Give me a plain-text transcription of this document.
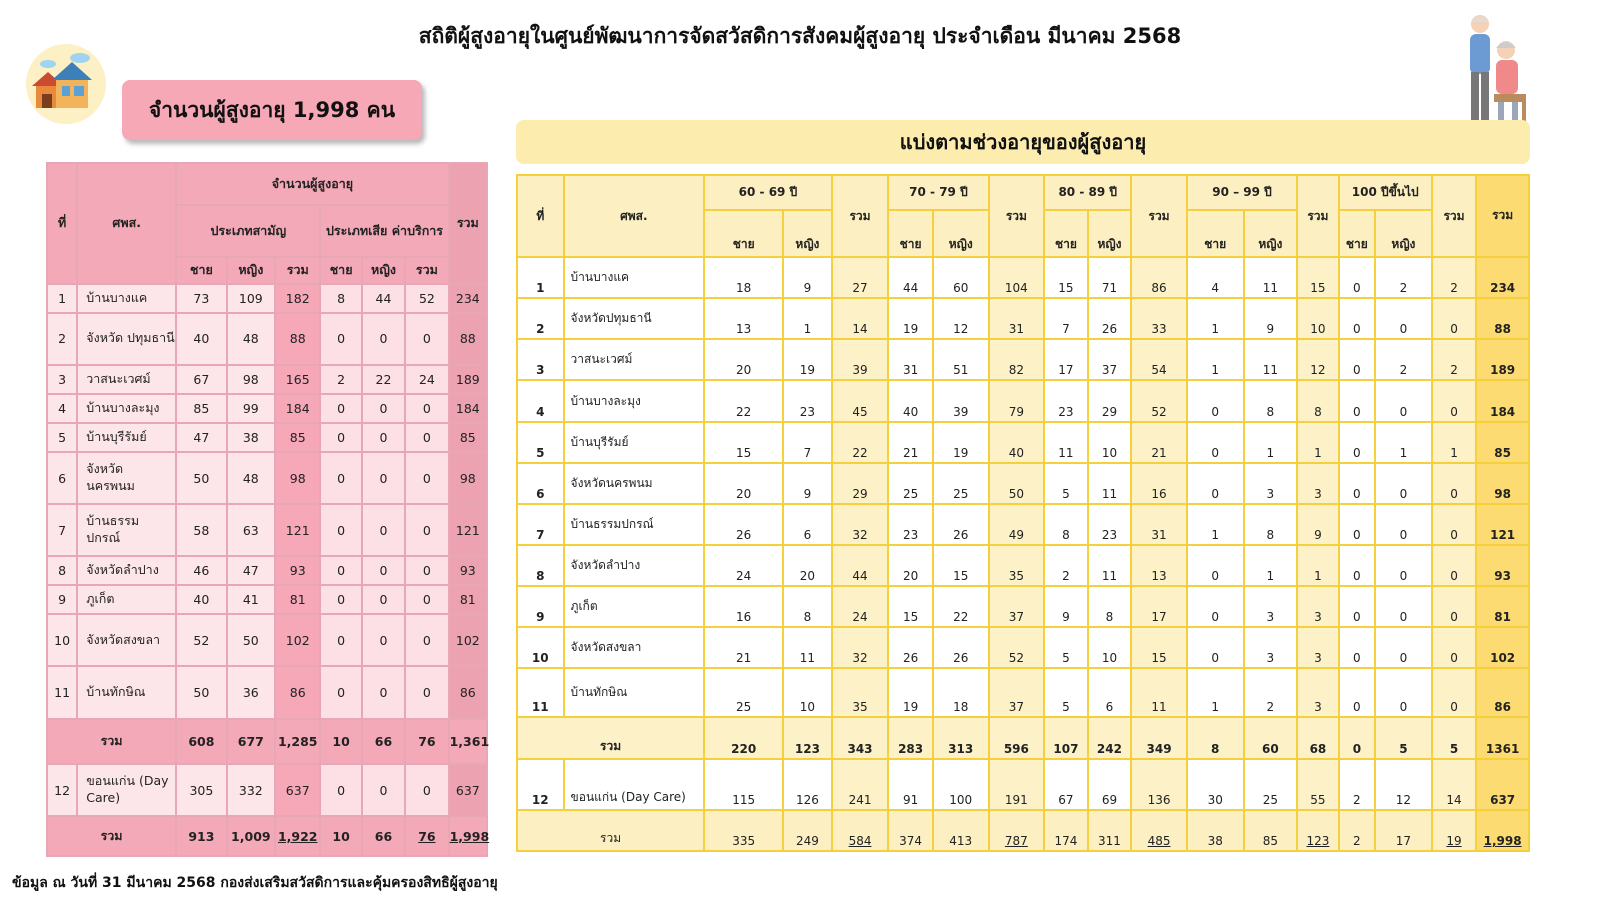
สถิติผู้สูงอายุในศูนย์พัฒนาการจัดสวัสดิการสังคมผู้สูงอายุ ประจำเดือน มีนาคม 2568
จำนวนผู้สูงอายุ 1,998 คน
แบ่งตามช่วงอายุของผู้สูงอายุ
ที่	ศพส.	จำนวนผู้สูงอายุ						รวม
		ประเภทสามัญ			ประเภทเสีย ค่าบริการ			
		ชาย	หญิง	รวม	ชาย	หญิง	รวม	
1	บ้านบางแค	73	109	182	8	44	52	234
2	จังหวัด ปทุมธานี	40	48	88	0	0	0	88
3	วาสนะเวศม์	67	98	165	2	22	24	189
4	บ้านบางละมุง	85	99	184	0	0	0	184
5	บ้านบุรีรัมย์	47	38	85	0	0	0	85
6	จังหวัด นครพนม	50	48	98	0	0	0	98
7	บ้านธรรม ปกรณ์	58	63	121	0	0	0	121
8	จังหวัดลำปาง	46	47	93	0	0	0	93
9	ภูเก็ต	40	41	81	0	0	0	81
10	จังหวัดสงขลา	52	50	102	0	0	0	102
11	บ้านทักษิณ	50	36	86	0	0	0	86
รวม		608	677	1,285	10	66	76	1,361
12	ขอนแก่น (Day Care)	305	332	637	0	0	0	637
รวม		913	1,009	1,922	10	66	76	1,998
ที่	ศพส.	60 - 69 ปี		รวม	70 - 79 ปี		รวม	80 - 89 ปี		รวม	90 – 99 ปี		รวม	100 ปีขึ้นไป		รวม	รวม
		ชาย	หญิง		ชาย	หญิง		ชาย	หญิง		ชาย	หญิง		ชาย	หญิง		
1	บ้านบางแค	18	9	27	44	60	104	15	71	86	4	11	15	0	2	2	234
2	จังหวัดปทุมธานี	13	1	14	19	12	31	7	26	33	1	9	10	0	0	0	88
3	วาสนะเวศม์	20	19	39	31	51	82	17	37	54	1	11	12	0	2	2	189
4	บ้านบางละมุง	22	23	45	40	39	79	23	29	52	0	8	8	0	0	0	184
5	บ้านบุรีรัมย์	15	7	22	21	19	40	11	10	21	0	1	1	0	1	1	85
6	จังหวัดนครพนม	20	9	29	25	25	50	5	11	16	0	3	3	0	0	0	98
7	บ้านธรรมปกรณ์	26	6	32	23	26	49	8	23	31	1	8	9	0	0	0	121
8	จังหวัดลำปาง	24	20	44	20	15	35	2	11	13	0	1	1	0	0	0	93
9	ภูเก็ต	16	8	24	15	22	37	9	8	17	0	3	3	0	0	0	81
10	จังหวัดสงขลา	21	11	32	26	26	52	5	10	15	0	3	3	0	0	0	102
11	บ้านทักษิณ	25	10	35	19	18	37	5	6	11	1	2	3	0	0	0	86
รวม		220	123	343	283	313	596	107	242	349	8	60	68	0	5	5	1361
12	ขอนแก่น (Day Care)	115	126	241	91	100	191	67	69	136	30	25	55	2	12	14	637
รวม		335	249	584	374	413	787	174	311	485	38	85	123	2	17	19	1,998
ข้อมูล ณ วันที่ 31 มีนาคม 2568 กองส่งเสริมสวัสดิการและคุ้มครองสิทธิผู้สูงอายุ
